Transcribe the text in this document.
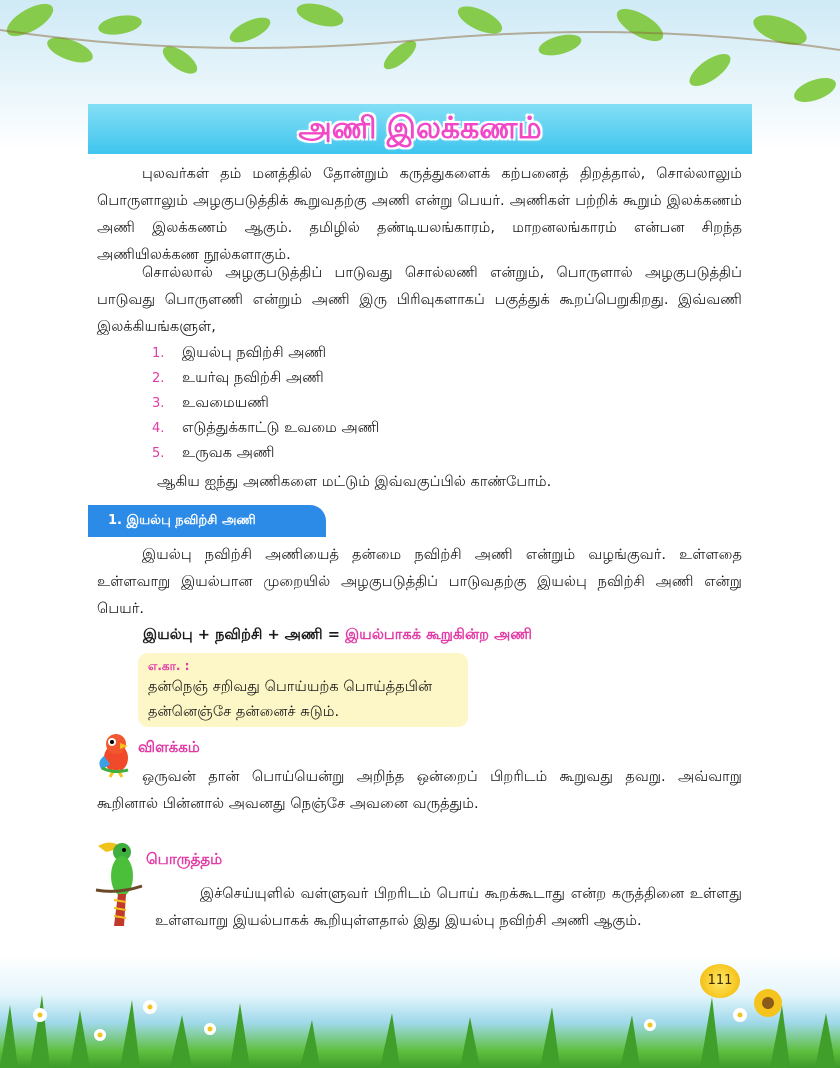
அணி இலக்கணம்

புலவர்கள் தம் மனத்தில் தோன்றும் கருத்துகளைக் கற்பனைத் திறத்தால், சொல்லாலும் பொருளாலும் அழகுபடுத்திக் கூறுவதற்கு அணி என்று பெயர். அணிகள் பற்றிக் கூறும் இலக்கணம் அணி இலக்கணம் ஆகும். தமிழில் தண்டியலங்காரம், மாறனலங்காரம் என்பன சிறந்த அணியிலக்கண நூல்களாகும்.

சொல்லால் அழகுபடுத்திப் பாடுவது சொல்லணி என்றும், பொருளால் அழகுபடுத்திப் பாடுவது பொருளணி என்றும் அணி இரு பிரிவுகளாகப் பகுத்துக் கூறப்பெறுகிறது. இவ்வணி இலக்கியங்களுள்,

1. இயல்பு நவிற்சி அணி
2. உயர்வு நவிற்சி அணி
3. உவமையணி
4. எடுத்துக்காட்டு உவமை அணி
5. உருவக அணி
ஆகிய ஐந்து அணிகளை மட்டும் இவ்வகுப்பில் காண்போம்.
1. இயல்பு நவிற்சி அணி

இயல்பு நவிற்சி அணியைத் தன்மை நவிற்சி அணி என்றும் வழங்குவர். உள்ளதை உள்ளவாறு இயல்பான முறையில் அழகுபடுத்திப் பாடுவதற்கு இயல்பு நவிற்சி அணி என்று பெயர்.

இயல்பு + நவிற்சி + அணி = இயல்பாகக் கூறுகின்ற அணி
எ.கா. :
தன்நெஞ் சறிவது பொய்யற்க பொய்த்தபின்
தன்னெஞ்சே தன்னைச் சுடும்.
விளக்கம்

ஒருவன் தான் பொய்யென்று அறிந்த ஒன்றைப் பிறரிடம் கூறுவது தவறு. அவ்வாறு கூறினால் பின்னால் அவனது நெஞ்சே அவனை வருத்தும்.

பொருத்தம்

இச்செய்யுளில் வள்ளுவர் பிறரிடம் பொய் கூறக்கூடாது என்ற கருத்தினை உள்ளது உள்ளவாறு இயல்பாகக் கூறியுள்ளதால் இது இயல்பு நவிற்சி அணி ஆகும்.

111
